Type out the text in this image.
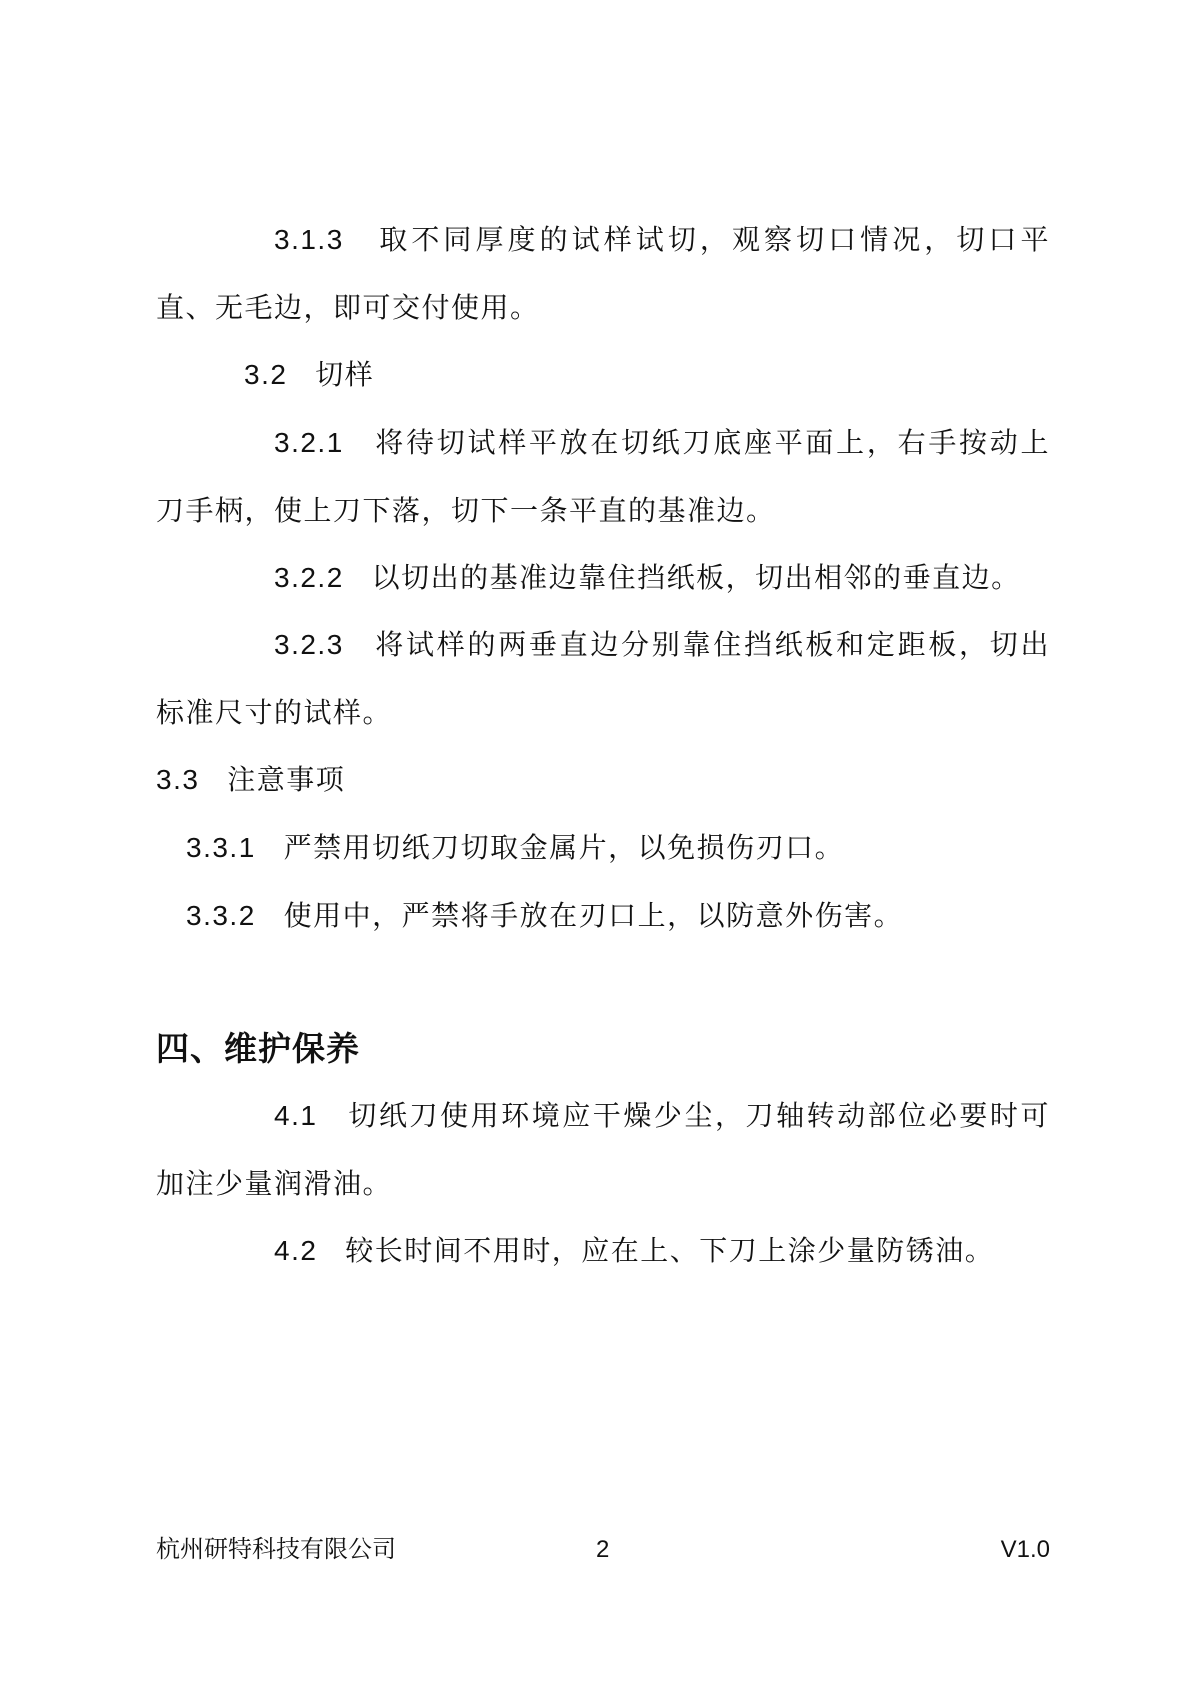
3.1.3 取不同厚度的试样试切，观察切口情况，切口平直、无毛边，即可交付使用。
3.2 切样
3.2.1 将待切试样平放在切纸刀底座平面上，右手按动上刀手柄，使上刀下落，切下一条平直的基准边。
3.2.2 以切出的基准边靠住挡纸板，切出相邻的垂直边。
3.2.3 将试样的两垂直边分别靠住挡纸板和定距板，切出标准尺寸的试样。
3.3 注意事项
3.3.1 严禁用切纸刀切取金属片，以免损伤刃口。
3.3.2 使用中，严禁将手放在刃口上，以防意外伤害。
四、维护保养
4.1 切纸刀使用环境应干燥少尘，刀轴转动部位必要时可加注少量润滑油。
4.2 较长时间不用时，应在上、下刀上涂少量防锈油。
杭州研特科技有限公司	2	V1.0
